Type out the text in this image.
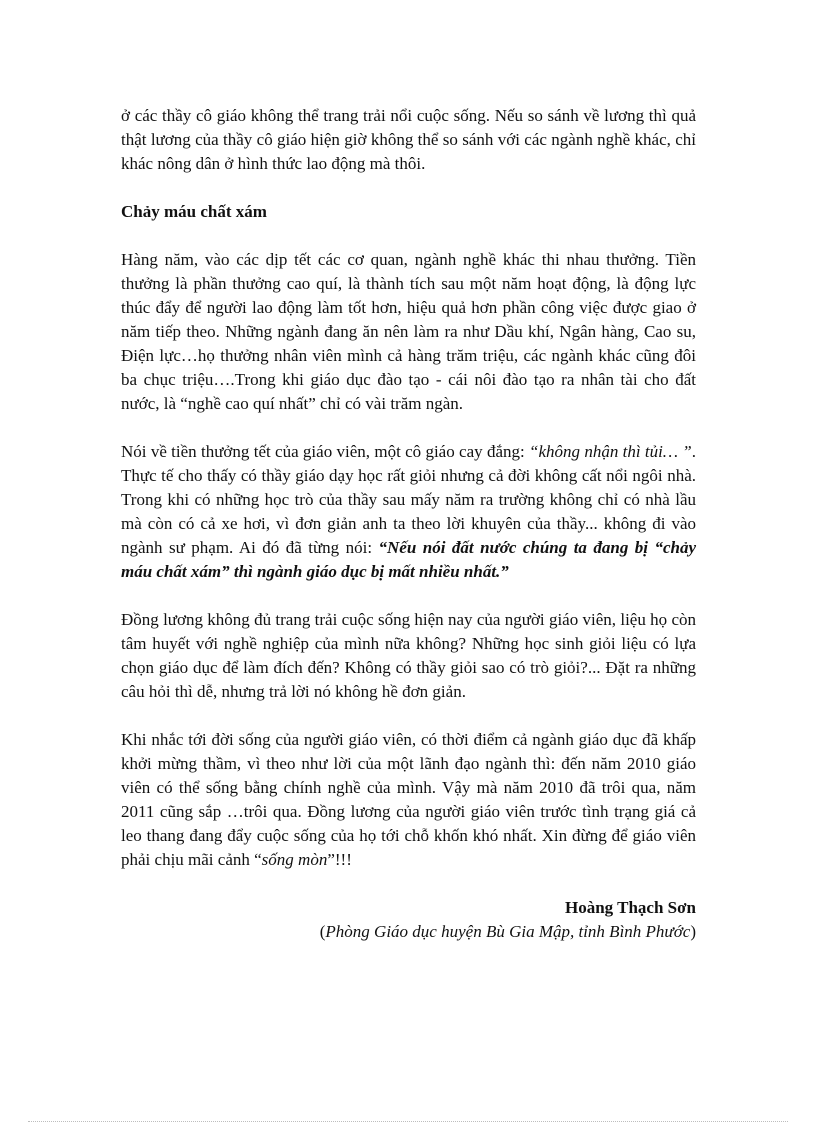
ở các thầy cô giáo không thể trang trải nổi cuộc sống. Nếu so sánh về lương thì quả thật lương của thầy cô giáo hiện giờ không thể so sánh với các ngành nghề khác, chỉ khác nông dân ở hình thức lao động mà thôi.

Chảy máu chất xám

Hàng năm, vào các dịp tết các cơ quan, ngành nghề khác thi nhau thưởng. Tiền thưởng là phần thưởng cao quí, là thành tích sau một năm hoạt động, là động lực thúc đẩy để người lao động làm tốt hơn, hiệu quả hơn phần công việc được giao ở năm tiếp theo. Những ngành đang ăn nên làm ra như Dầu khí, Ngân hàng, Cao su, Điện lực…họ thưởng nhân viên mình cả hàng trăm triệu, các ngành khác cũng đôi ba chục triệu….Trong khi giáo dục đào tạo - cái nôi đào tạo ra nhân tài cho đất nước, là “nghề cao quí nhất” chỉ có vài trăm ngàn.

Nói về tiền thưởng tết của giáo viên, một cô giáo cay đắng: “không nhận thì tủi… ”. Thực tế cho thấy có thầy giáo dạy học rất giỏi nhưng cả đời không cất nổi ngôi nhà. Trong khi có những học trò của thầy sau mấy năm ra trường không chỉ có nhà lầu mà còn có cả xe hơi, vì đơn giản anh ta theo lời khuyên của thầy... không đi vào ngành sư phạm. Ai đó đã từng nói: “Nếu nói đất nước chúng ta đang bị “chảy máu chất xám” thì ngành giáo dục bị mất nhiều nhất.”

Đồng lương không đủ trang trải cuộc sống hiện nay của người giáo viên, liệu họ còn tâm huyết với nghề nghiệp của mình nữa không? Những học sinh giỏi liệu có lựa chọn giáo dục để làm đích đến? Không có thầy giỏi sao có trò giỏi?... Đặt ra những câu hỏi thì dễ, nhưng trả lời nó không hề đơn giản.

Khi nhắc tới đời sống của người giáo viên, có thời điểm cả ngành giáo dục đã khấp khởi mừng thầm, vì theo như lời của một lãnh đạo ngành thì: đến năm 2010 giáo viên có thể sống bằng chính nghề của mình. Vậy mà năm 2010 đã trôi qua, năm 2011 cũng sắp …trôi qua. Đồng lương của người giáo viên trước tình trạng giá cả leo thang đang đẩy cuộc sống của họ tới chỗ khốn khó nhất. Xin đừng để giáo viên phải chịu mãi cảnh “sống mòn”!!!

Hoàng Thạch Sơn
(Phòng Giáo dục huyện Bù Gia Mập, tỉnh Bình Phước)
